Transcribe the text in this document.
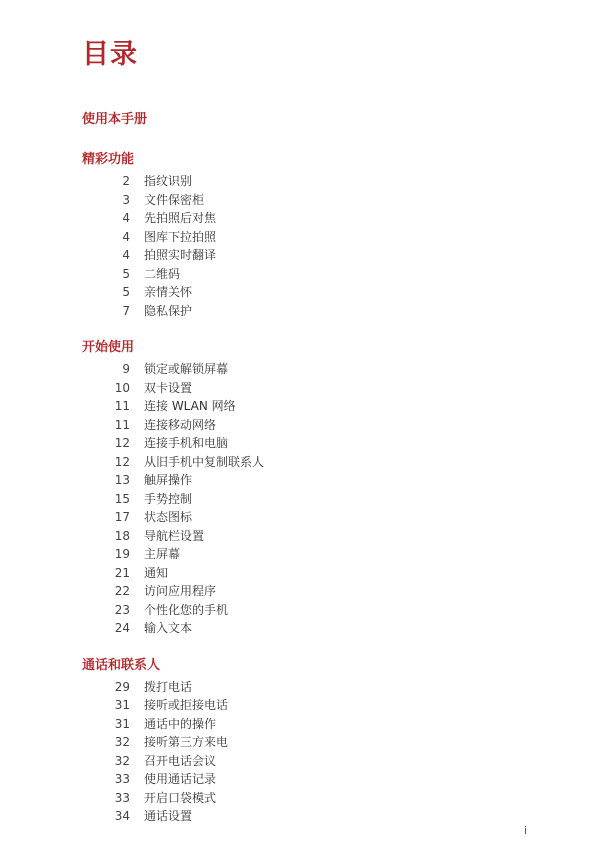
目录
使用本手册
精彩功能
2 指纹识别
3 文件保密柜
4 先拍照后对焦
4 图库下拉拍照
4 拍照实时翻译
5 二维码
5 亲情关怀
7 隐私保护
开始使用
9 锁定或解锁屏幕
10 双卡设置
11 连接 WLAN 网络
11 连接移动网络
12 连接手机和电脑
12 从旧手机中复制联系人
13 触屏操作
15 手势控制
17 状态图标
18 导航栏设置
19 主屏幕
21 通知
22 访问应用程序
23 个性化您的手机
24 输入文本
通话和联系人
29 拨打电话
31 接听或拒接电话
31 通话中的操作
32 接听第三方来电
32 召开电话会议
33 使用通话记录
33 开启口袋模式
34 通话设置
i
